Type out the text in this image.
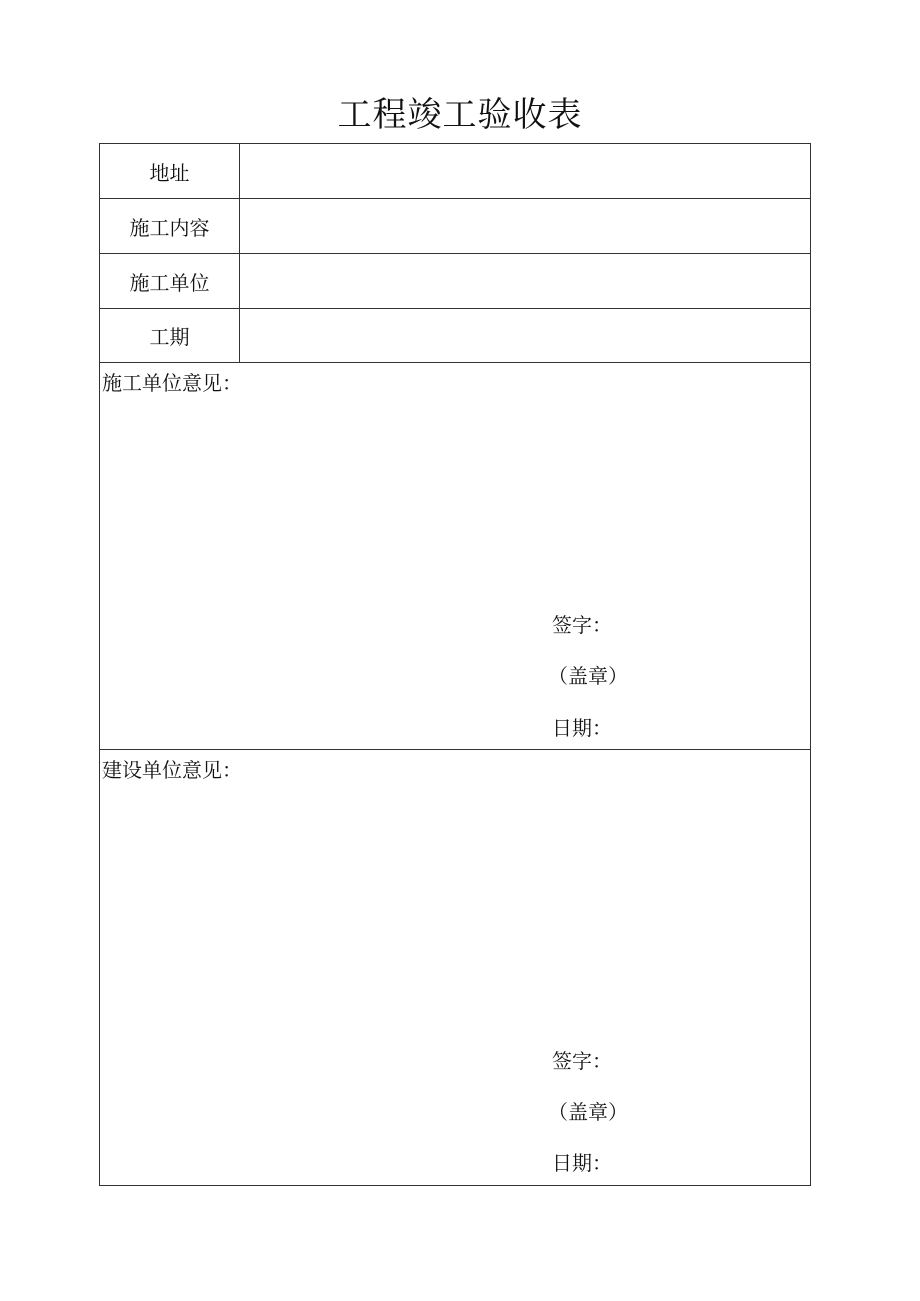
工程竣工验收表
地址
施工内容
施工单位
工期
施工单位意见：
签字：
（盖章）
日期：
建设单位意见：
签字：
（盖章）
日期：
